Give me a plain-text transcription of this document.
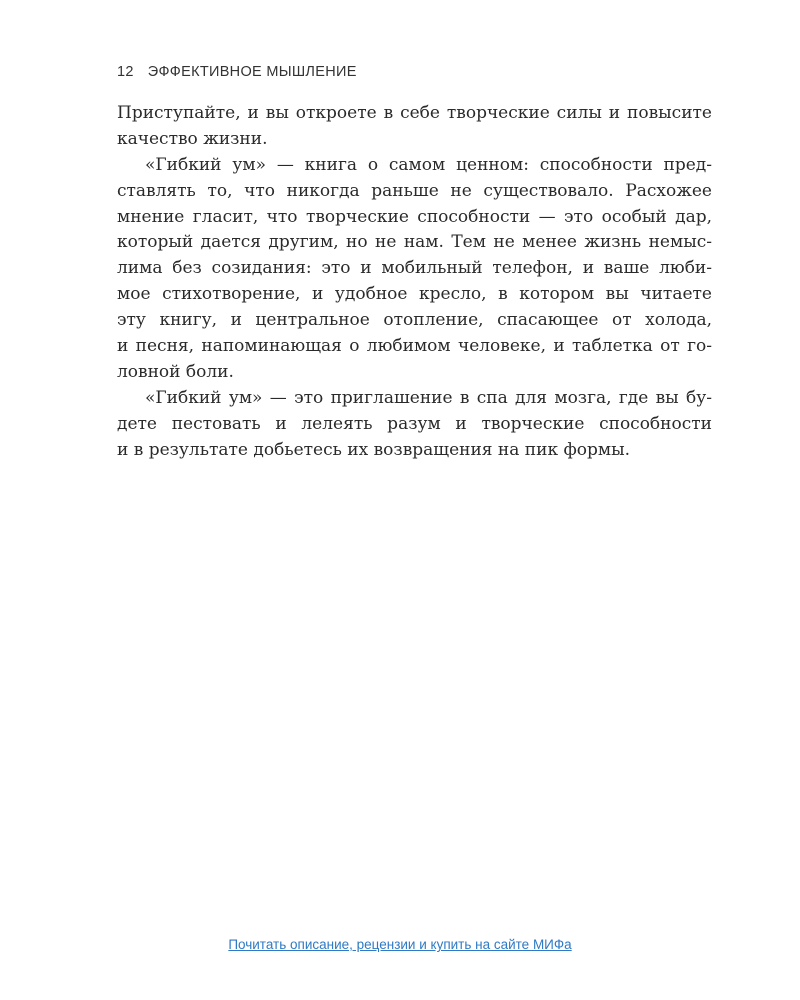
12 ЭФФЕКТИВНОЕ МЫШЛЕНИЕ
Приступайте, и вы откроете в себе творческие силы и повысите
качество жизни.
«Гибкий ум» — книга о самом ценном: способности пред-
ставлять то, что никогда раньше не существовало. Расхожее
мнение гласит, что творческие способности — это особый дар,
который дается другим, но не нам. Тем не менее жизнь немыс-
лима без созидания: это и мобильный телефон, и ваше люби-
мое стихотворение, и удобное кресло, в котором вы читаете
эту книгу, и центральное отопление, спасающее от холода,
и песня, напоминающая о любимом человеке, и таблетка от го-
ловной боли.
«Гибкий ум» — это приглашение в спа для мозга, где вы бу-
дете пестовать и лелеять разум и творческие способности
и в результате добьетесь их возвращения на пик формы.
Почитать описание, рецензии и купить на сайте МИФа
